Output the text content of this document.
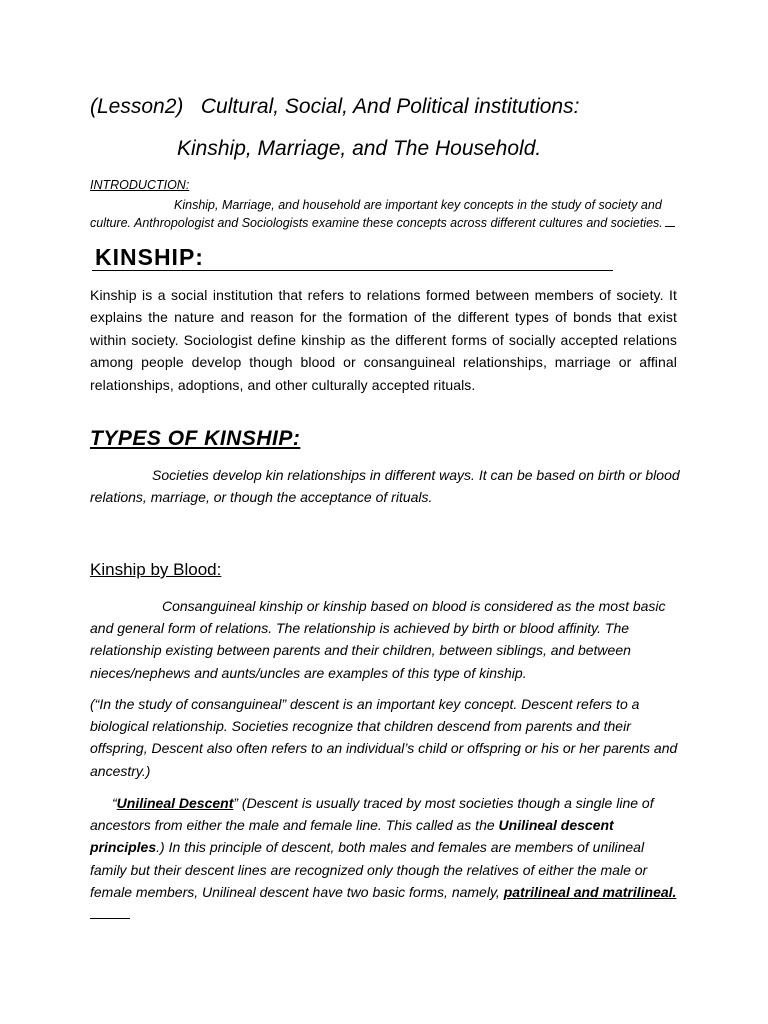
(Lesson2)   Cultural, Social, And Political institutions:
Kinship, Marriage, and The Household.
INTRODUCTION:
Kinship, Marriage, and household are important key concepts in the study of society and culture. Anthropologist and Sociologists examine these concepts across different cultures and societies.
KINSHIP:
Kinship is a social institution that refers to relations formed between members of society. It explains the nature and reason for the formation of the different types of bonds that exist within society. Sociologist define kinship as the different forms of socially accepted relations among people develop though blood or consanguineal relationships, marriage or affinal relationships, adoptions, and other culturally accepted rituals.
TYPES OF KINSHIP:
Societies develop kin relationships in different ways. It can be based on birth or blood relations, marriage, or though the acceptance of rituals.
Kinship by Blood:
Consanguineal kinship or kinship based on blood is considered as the most basic and general form of relations. The relationship is achieved by birth or blood affinity. The relationship existing between parents and their children, between siblings, and between nieces/nephews and aunts/uncles are examples of this type of kinship.
(“In the study of consanguineal” descent is an important key concept. Descent refers to a biological relationship. Societies recognize that children descend from parents and their offspring, Descent also often refers to an individual’s child or offspring or his or her parents and ancestry.)
“Unilineal Descent” (Descent is usually traced by most societies though a single line of ancestors from either the male and female line. This called as the Unilineal descent principles.) In this principle of descent, both males and females are members of unilineal family but their descent lines are recognized only though the relatives of either the male or female members, Unilineal descent have two basic forms, namely, patrilineal and matrilineal.
